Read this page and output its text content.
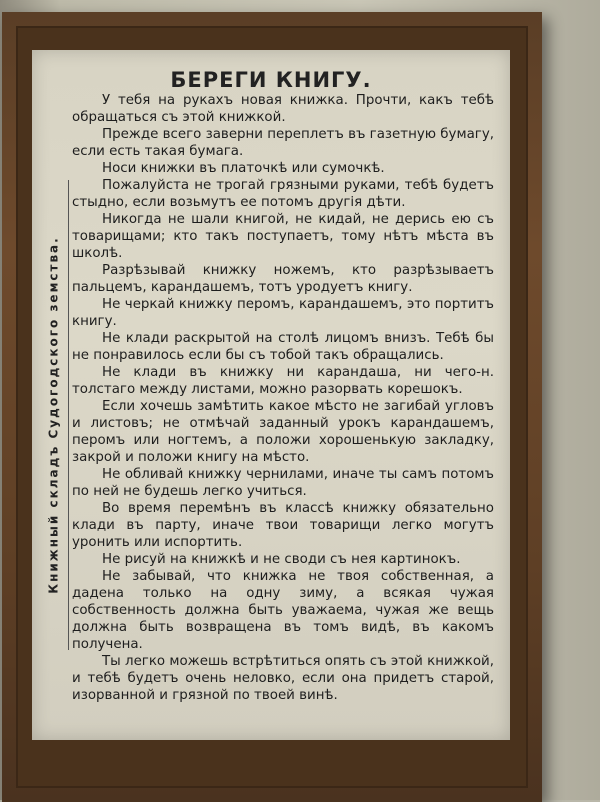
БЕРЕГИ КНИГУ.
Книжный складъ Судогодского земства.

У тебя на рукахъ новая книжка. Прочти, какъ тебѣ обращаться съ этой книжкой.

Прежде всего заверни переплетъ въ газетную бумагу, если есть такая бумага.

Носи книжки въ платочкѣ или сумочкѣ.

Пожалуйста не трогай грязными руками, тебѣ будетъ стыдно, если возьмутъ ее потомъ другія дѣти.

Никогда не шали книгой, не кидай, не дерись ею съ товарищами; кто такъ поступаетъ, тому нѣтъ мѣста въ школѣ.

Разрѣзывай книжку ножемъ, кто разрѣзываетъ пальцемъ, карандашемъ, тотъ уродуетъ книгу.

Не черкай книжку перомъ, карандашемъ, это портитъ книгу.

Не клади раскрытой на столѣ лицомъ внизъ. Тебѣ бы не понравилось если бы съ тобой такъ обращались.

Не клади въ книжку ни карандаша, ни чего-н. толстаго между листами, можно разорвать корешокъ.

Если хочешь замѣтить какое мѣсто не загибай угловъ и листовъ; не отмѣчай заданный урокъ карандашемъ, перомъ или ногтемъ, а положи хорошенькую закладку, закрой и положи книгу на мѣсто.

Не обливай книжку чернилами, иначе ты самъ потомъ по ней не будешь легко учиться.

Во время перемѣнъ въ классѣ книжку обязательно клади въ парту, иначе твои товарищи легко могутъ уронить или испортить.

Не рисуй на книжкѣ и не своди съ нея картинокъ.

Не забывай, что книжка не твоя собственная, а дадена только на одну зиму, а всякая чужая собственность должна быть уважаема, чужая же вещь должна быть возвращена въ томъ видѣ, въ какомъ получена.

Ты легко можешь встрѣтиться опять съ этой книжкой, и тебѣ будетъ очень неловко, если она придетъ старой, изорванной и грязной по твоей винѣ.
